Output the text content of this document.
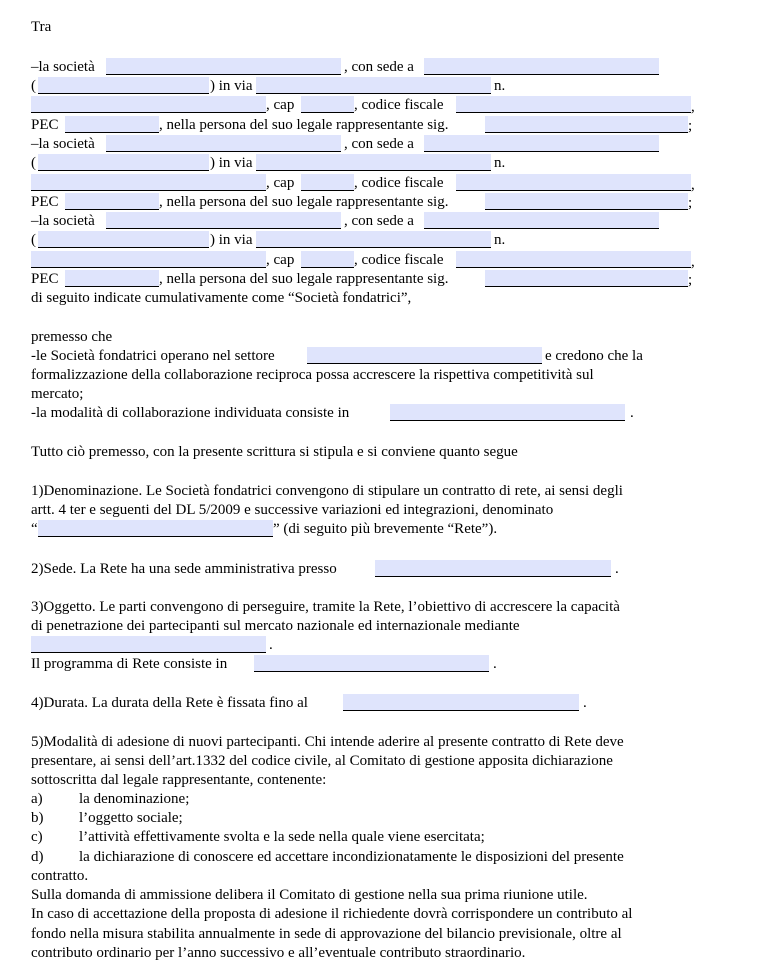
Tra
–la società	, con sede a
(	) in via	n.
, cap	, codice fiscale	,
PEC	, nella persona del suo legale rappresentante sig.	;
–la società	, con sede a
(	) in via	n.
, cap	, codice fiscale	,
PEC	, nella persona del suo legale rappresentante sig.	;
–la società	, con sede a
(	) in via	n.
, cap	, codice fiscale	,
PEC	, nella persona del suo legale rappresentante sig.	;
di seguito indicate cumulativamente come “Società fondatrici”,
premesso che
-le Società fondatrici operano nel settore	e credono che la
formalizzazione della collaborazione reciproca possa accrescere la rispettiva competitività sul
mercato;
-la modalità di collaborazione individuata consiste in	.
Tutto ciò premesso, con la presente scrittura si stipula e si conviene quanto segue
1)Denominazione. Le Società fondatrici convengono di stipulare un contratto di rete, ai sensi degli
artt. 4 ter e seguenti del DL 5/2009 e successive variazioni ed integrazioni, denominato
“	” (di seguito più brevemente “Rete”).
2)Sede. La Rete ha una sede amministrativa presso	.
3)Oggetto. Le parti convengono di perseguire, tramite la Rete, l’obiettivo di accrescere la capacità
di penetrazione dei partecipanti sul mercato nazionale ed internazionale mediante
.
Il programma di Rete consiste in	.
4)Durata. La durata della Rete è fissata fino al	.
5)Modalità di adesione di nuovi partecipanti. Chi intende aderire al presente contratto di Rete deve
presentare, ai sensi dell’art.1332 del codice civile, al Comitato di gestione apposita dichiarazione
sottoscritta dal legale rappresentante, contenente:
a) la denominazione;
b) l’oggetto sociale;
c) l’attività effettivamente svolta e la sede nella quale viene esercitata;
d) la dichiarazione di conoscere ed accettare incondizionatamente le disposizioni del presente
contratto.
Sulla domanda di ammissione delibera il Comitato di gestione nella sua prima riunione utile.
In caso di accettazione della proposta di adesione il richiedente dovrà corrispondere un contributo al
fondo nella misura stabilita annualmente in sede di approvazione del bilancio previsionale, oltre al
contributo ordinario per l’anno successivo e all’eventuale contributo straordinario.
